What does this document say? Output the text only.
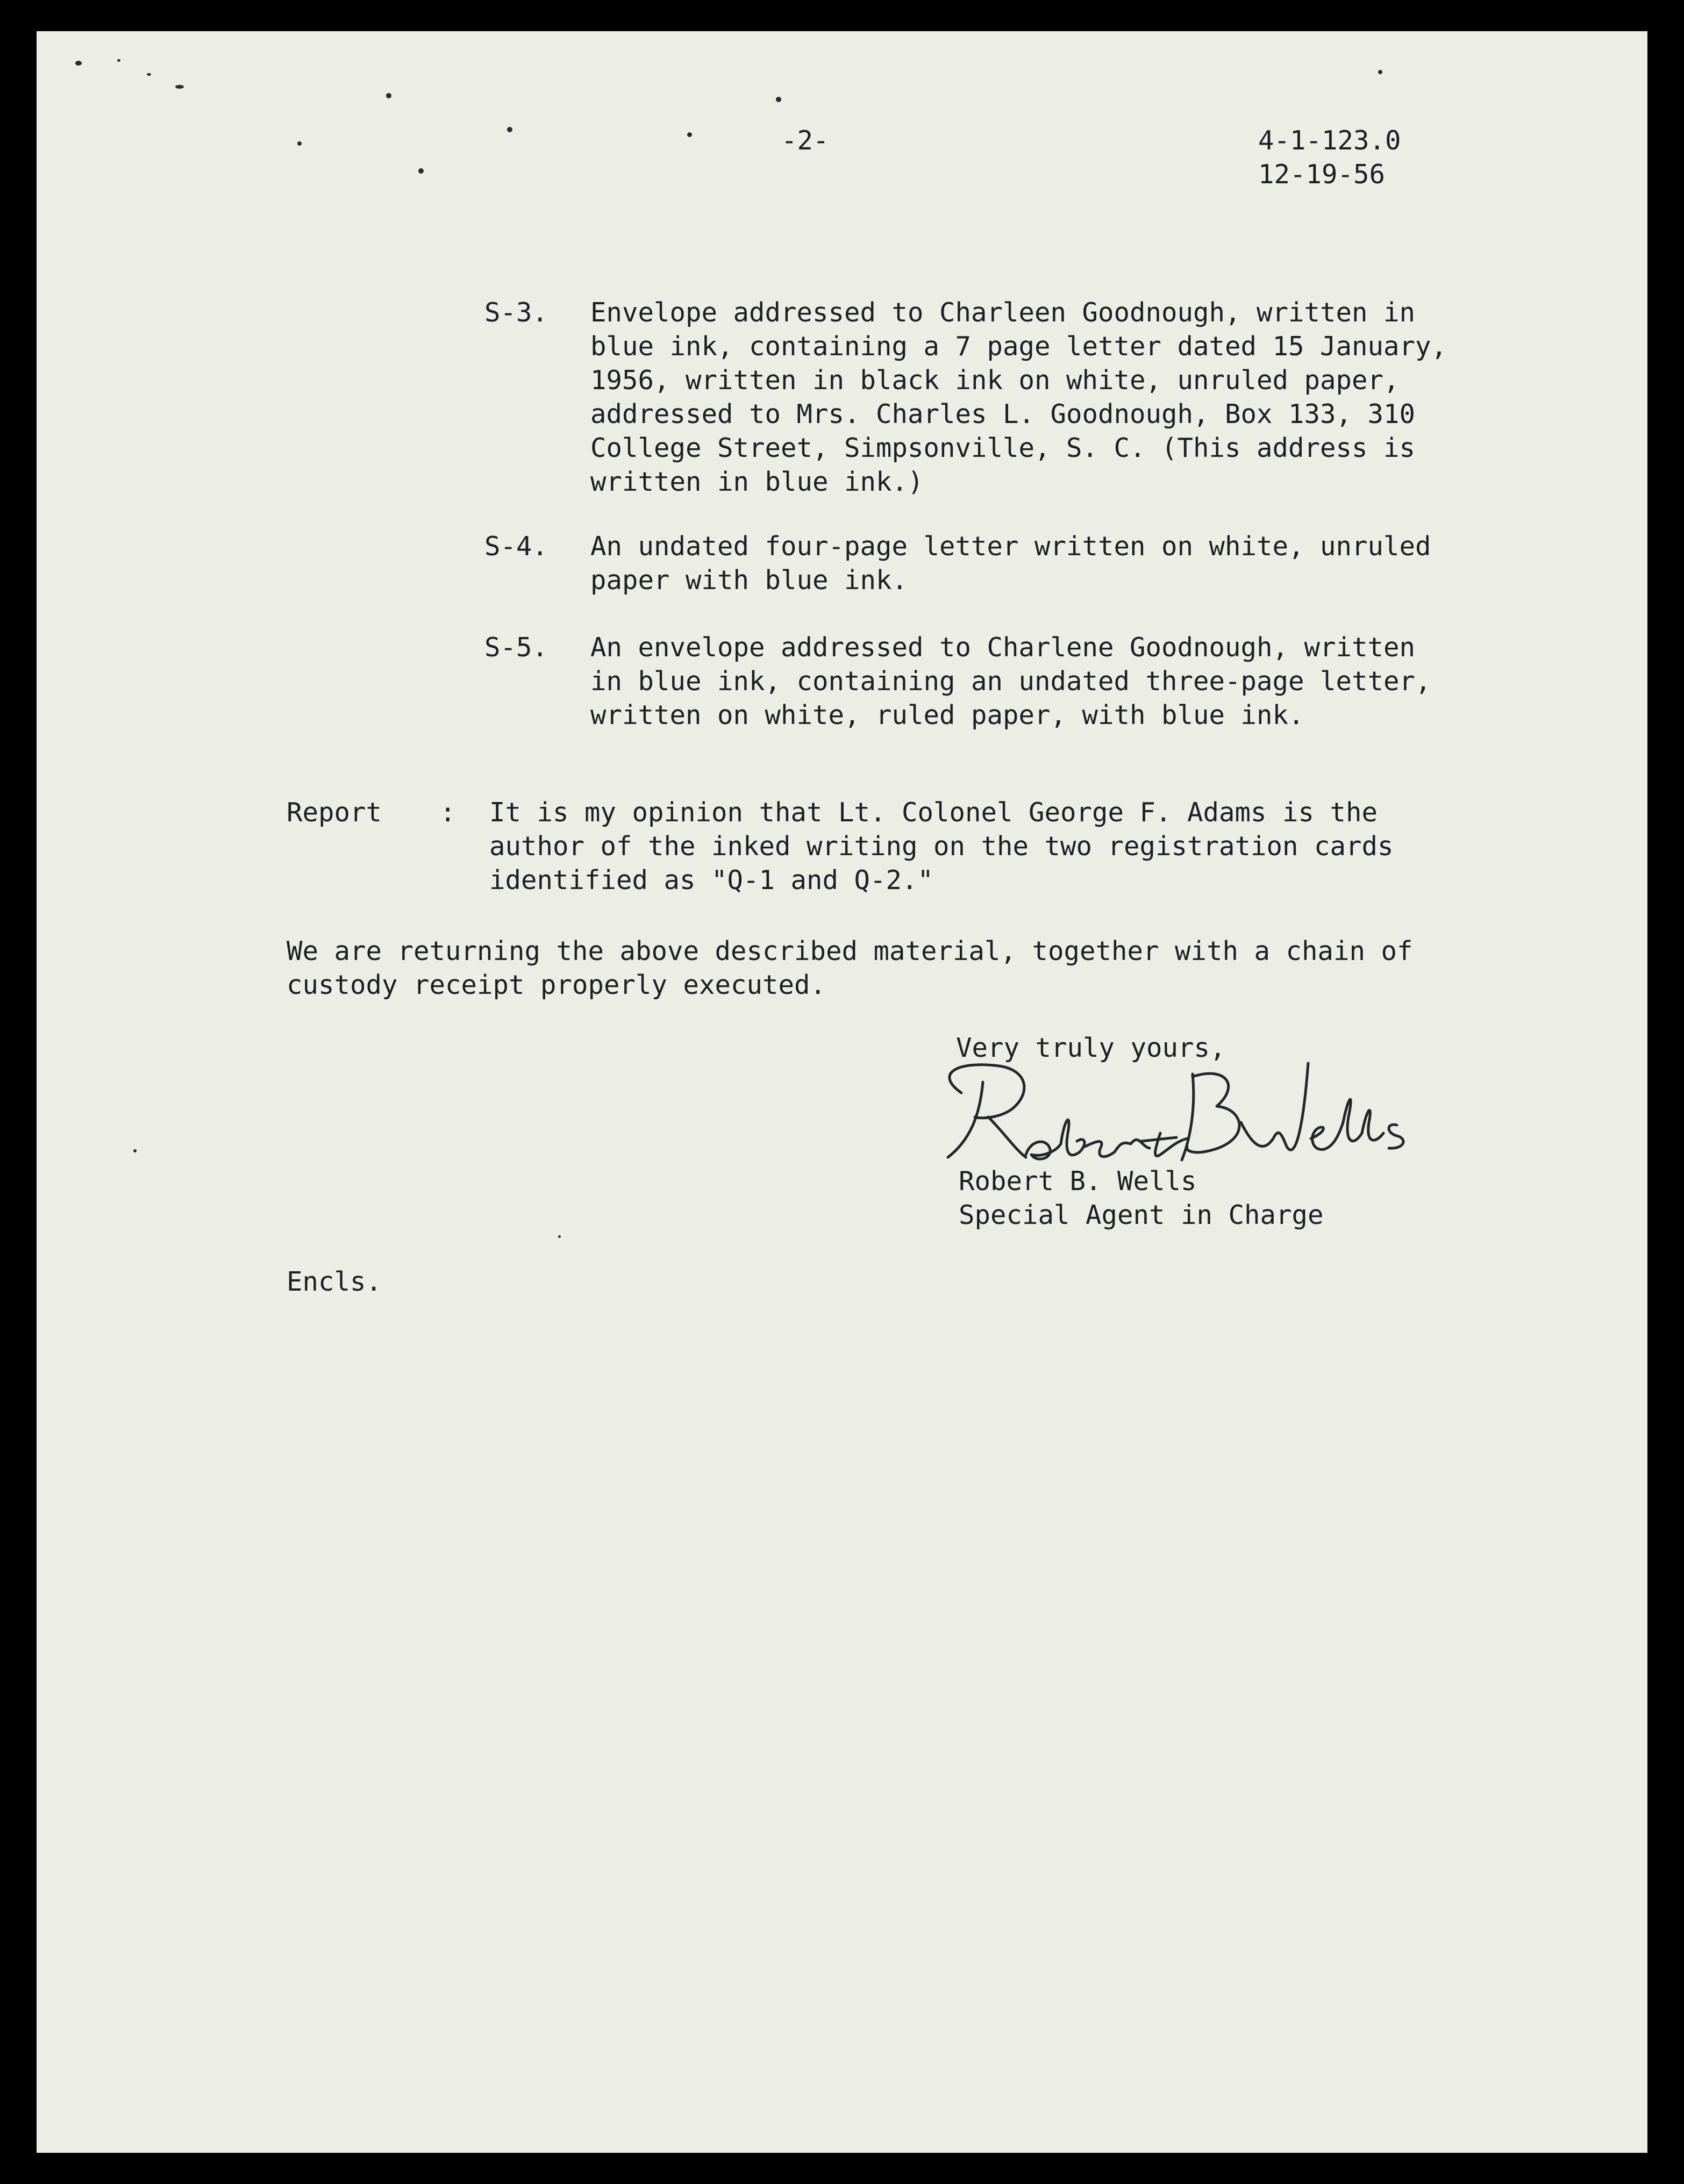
-2-	4-1-123.0
12-19-56
S-3. Envelope addressed to Charleen Goodnough, written in
blue ink, containing a 7 page letter dated 15 January,
1956, written in black ink on white, unruled paper,
addressed to Mrs. Charles L. Goodnough, Box 133, 310
College Street, Simpsonville, S. C. (This address is
written in blue ink.)
S-4. An undated four-page letter written on white, unruled
paper with blue ink.
S-5. An envelope addressed to Charlene Goodnough, written
in blue ink, containing an undated three-page letter,
written on white, ruled paper, with blue ink.
Report : It is my opinion that Lt. Colonel George F. Adams is the
author of the inked writing on the two registration cards
identified as "Q-1 and Q-2."
We are returning the above described material, together with a chain of
custody receipt properly executed.
Very truly yours,
Robert B. Wells
Special Agent in Charge
Encls.
